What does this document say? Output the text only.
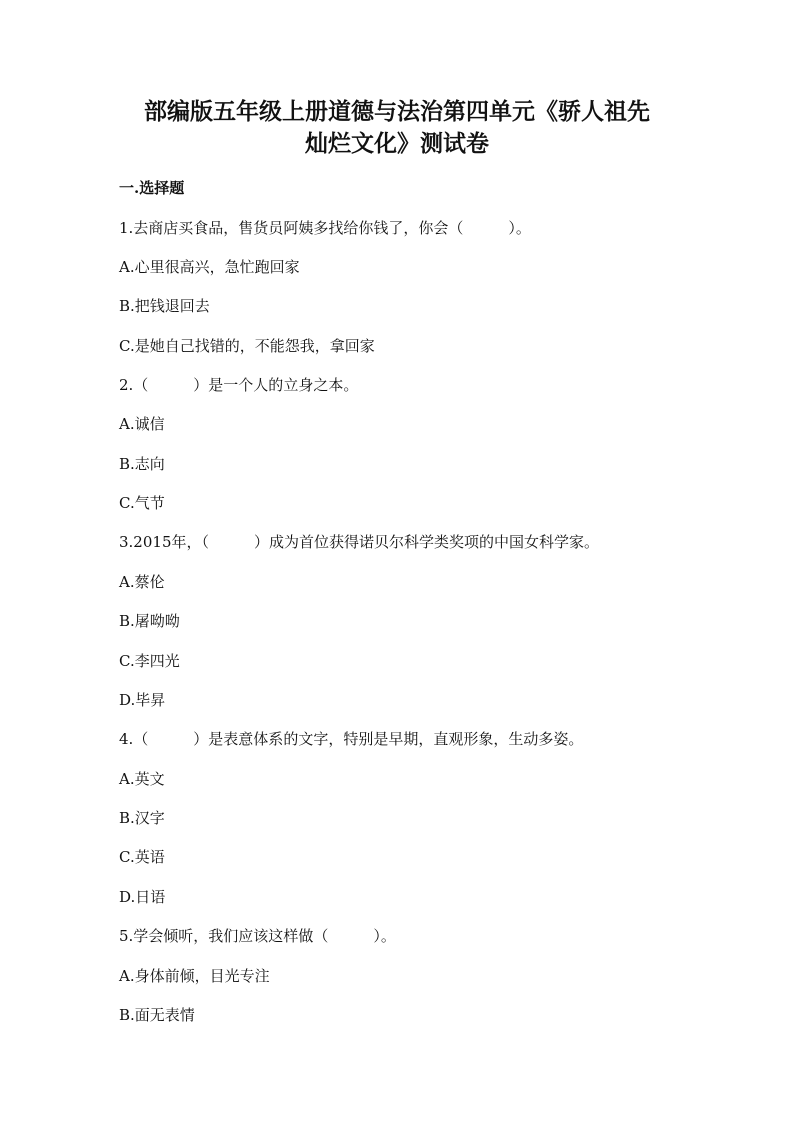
部编版五年级上册道德与法治第四单元《骄人祖先
灿烂文化》测试卷
一.选择题
1.去商店买食品，售货员阿姨多找给你钱了，你会（　　　）。
A.心里很高兴，急忙跑回家
B.把钱退回去
C.是她自己找错的，不能怨我，拿回家
2.（　　　）是一个人的立身之本。
A.诚信
B.志向
C.气节
3.2015年，（　　　）成为首位获得诺贝尔科学类奖项的中国女科学家。
A.蔡伦
B.屠呦呦
C.李四光
D.毕昇
4.（　　　）是表意体系的文字，特别是早期，直观形象，生动多姿。
A.英文
B.汉字
C.英语
D.日语
5.学会倾听，我们应该这样做（　　　）。
A.身体前倾，目光专注
B.面无表情
